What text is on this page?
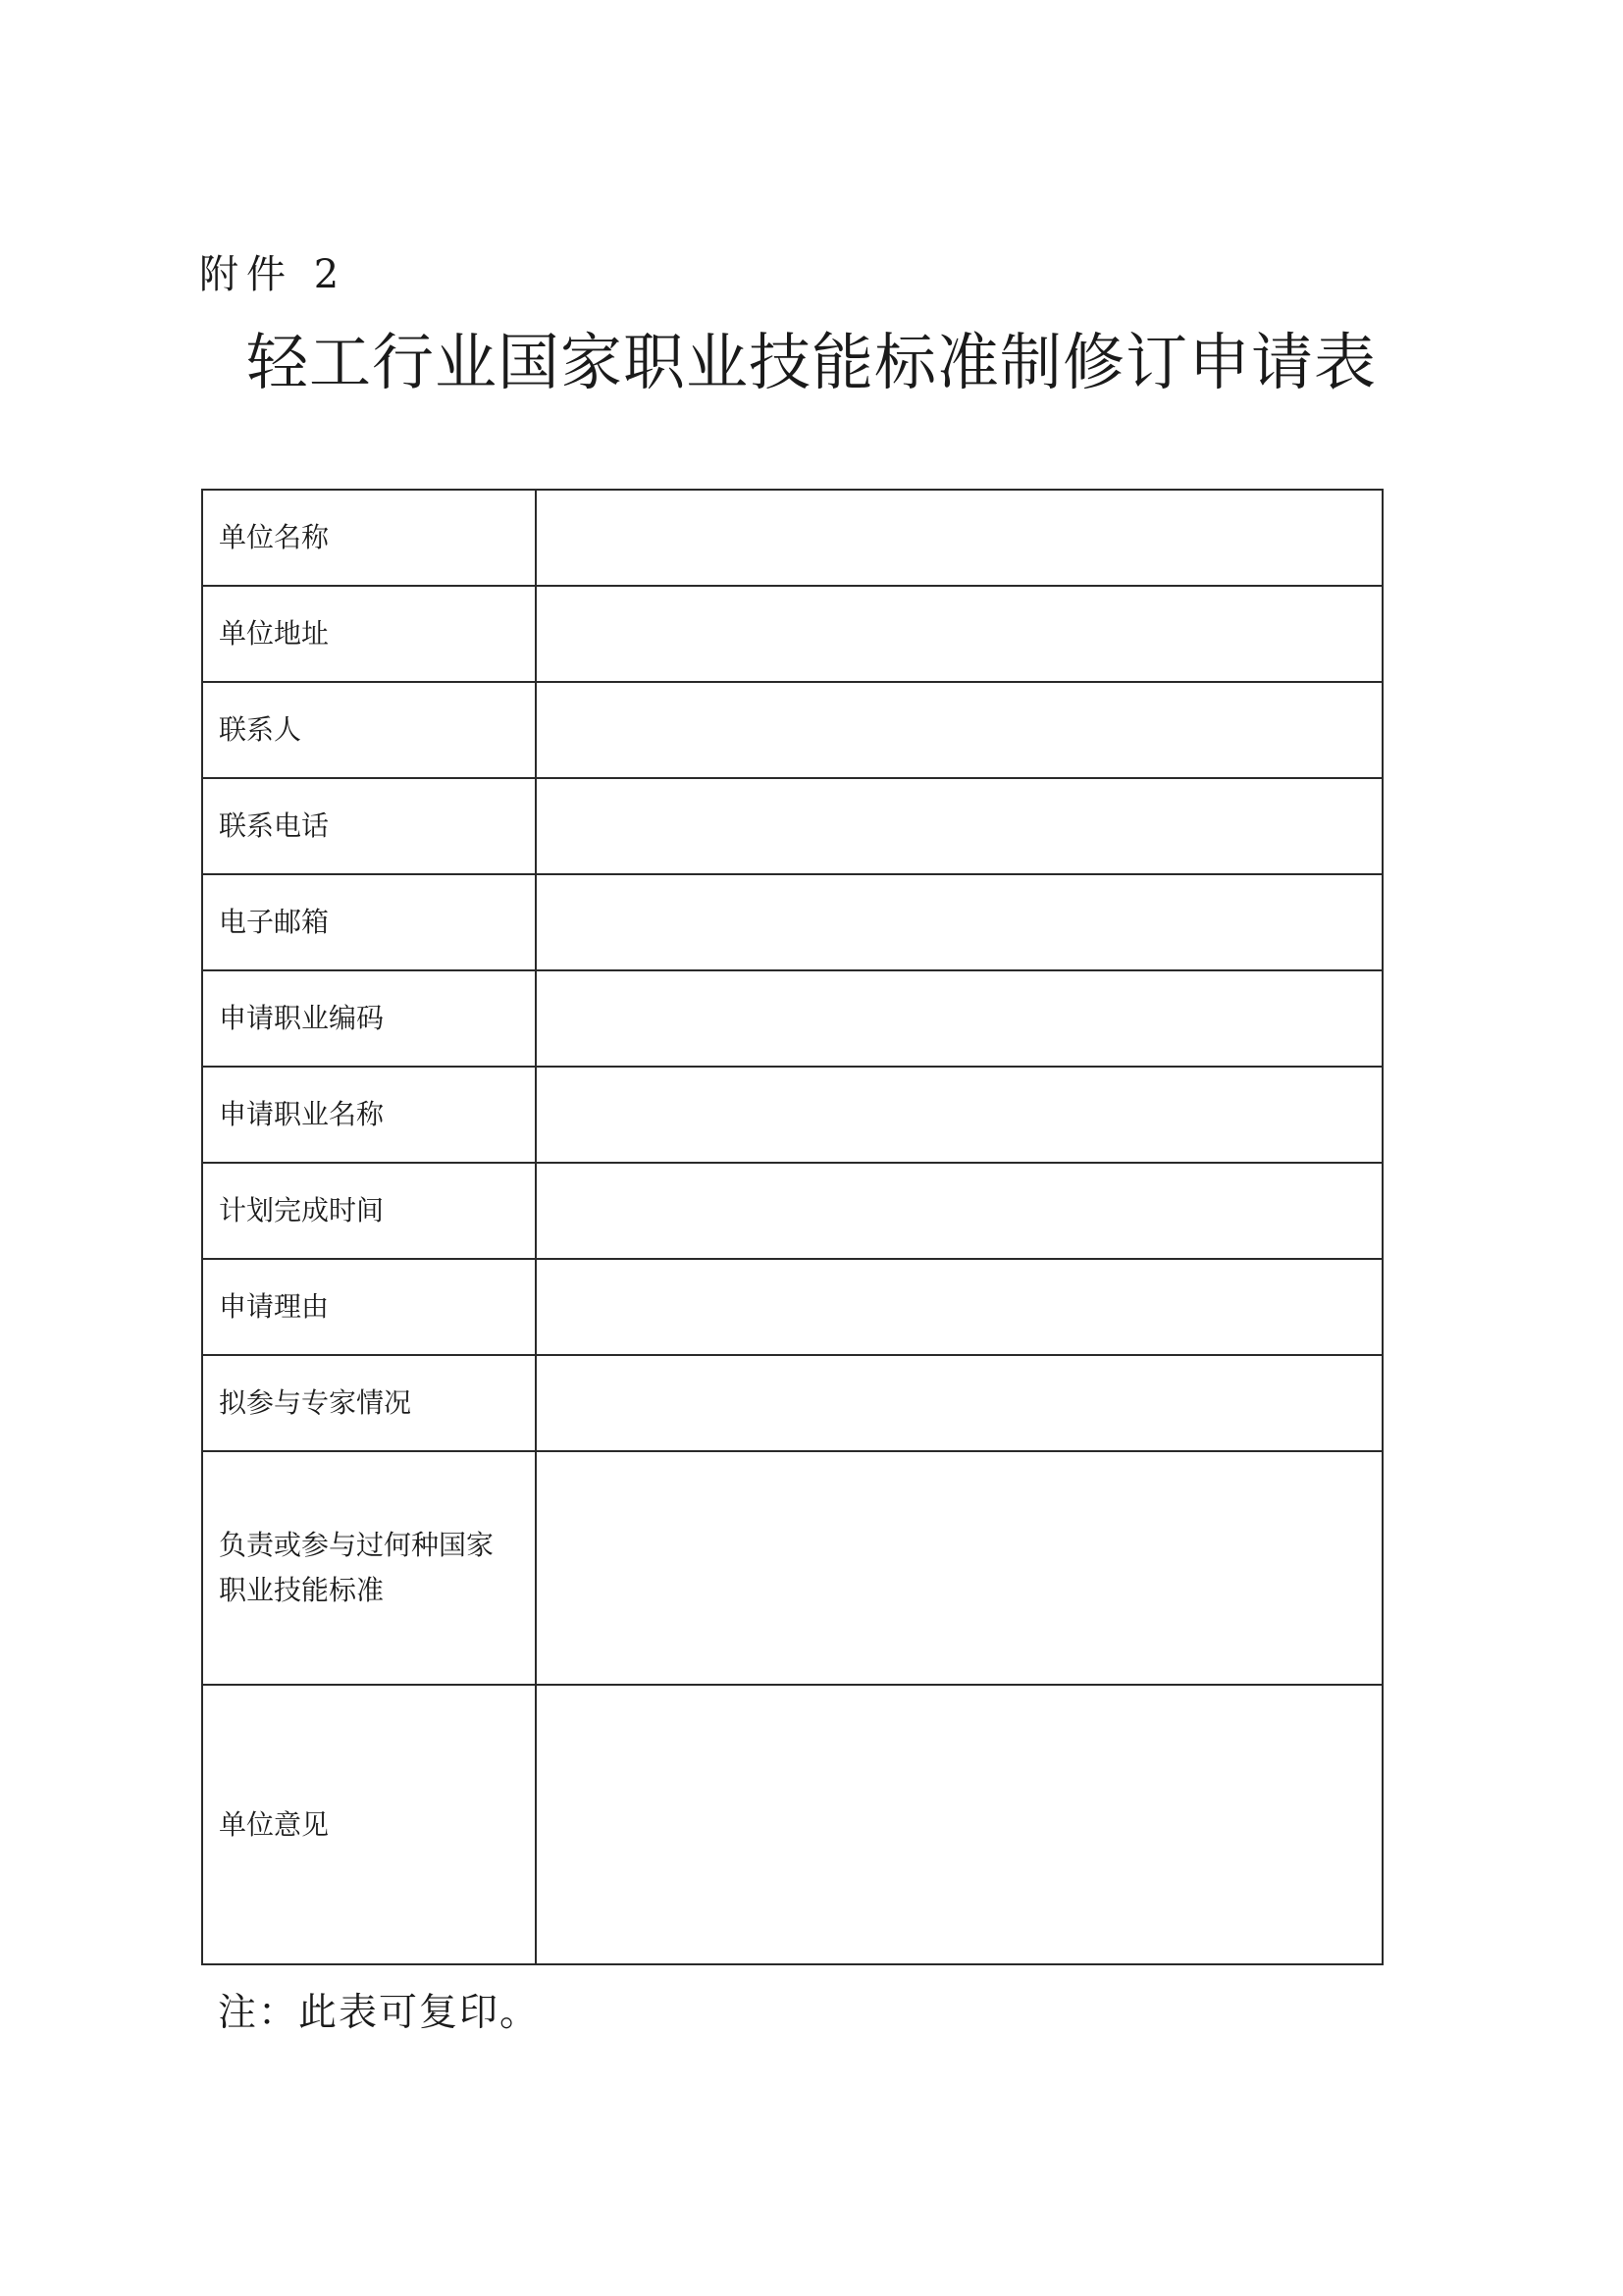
附件 2
轻工行业国家职业技能标准制修订申请表
单位名称	
单位地址	
联系人	
联系电话	
电子邮箱	
申请职业编码	
申请职业名称	
计划完成时间	
申请理由	
拟参与专家情况	

负责或参与过何种国家
职业技能标准	

单位意见	
注：此表可复印。
